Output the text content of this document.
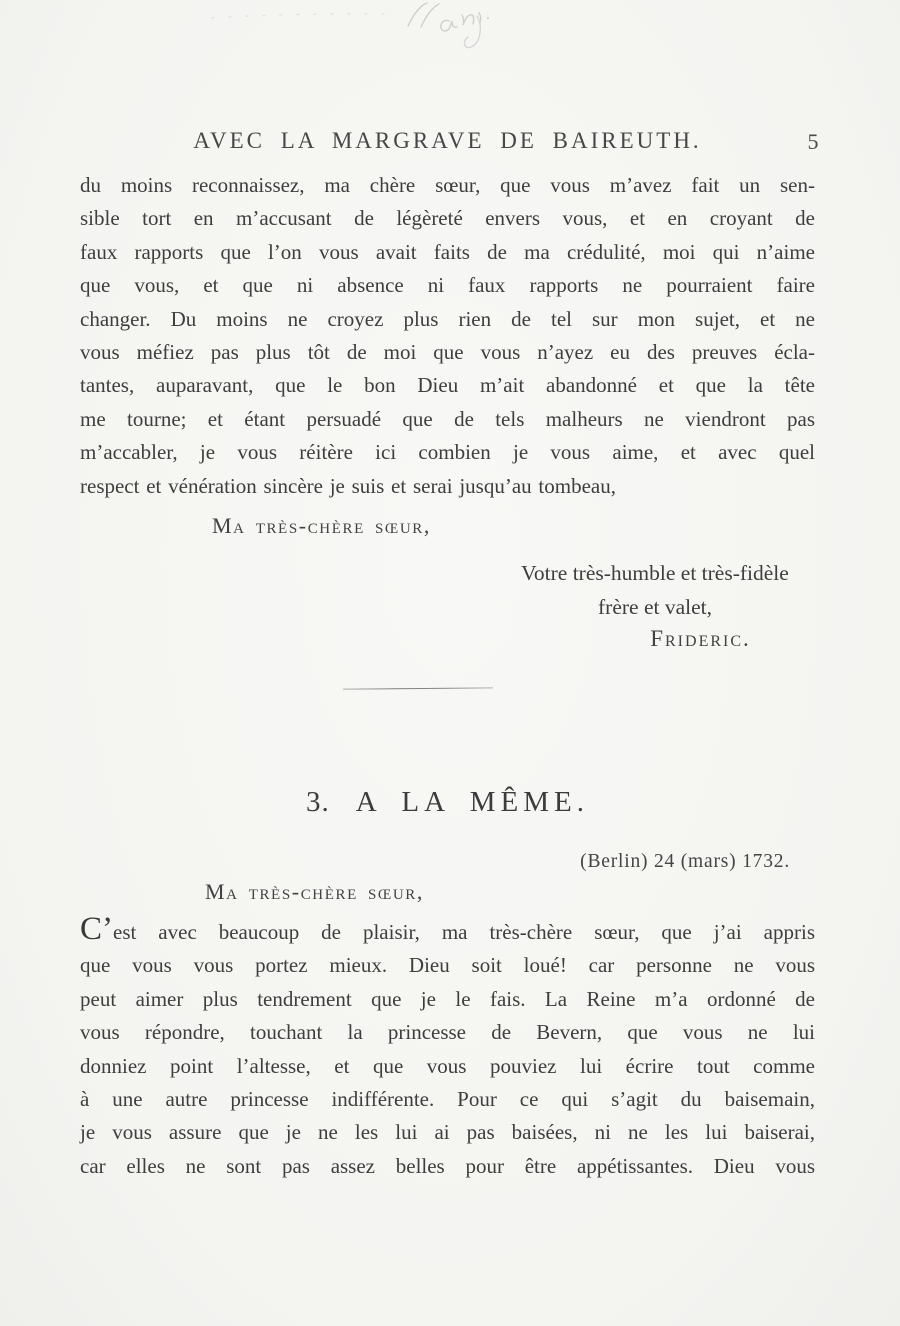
AVEC LA MARGRAVE DE BAIREUTH.	5
du moins reconnaissez, ma chère sœur, que vous m’avez fait un sen-
sible tort en m’accusant de légèreté envers vous, et en croyant de
faux rapports que l’on vous avait faits de ma crédulité, moi qui n’aime
que vous, et que ni absence ni faux rapports ne pourraient faire
changer. Du moins ne croyez plus rien de tel sur mon sujet, et ne
vous méfiez pas plus tôt de moi que vous n’ayez eu des preuves écla-
tantes, auparavant, que le bon Dieu m’ait abandonné et que la tête
me tourne; et étant persuadé que de tels malheurs ne viendront pas
m’accabler, je vous réitère ici combien je vous aime, et avec quel
respect et vénération sincère je suis et serai jusqu’au tombeau,
Ma très-chère sœur,
Votre très-humble et très-fidèle
frère et valet,
Frideric.
3. A LA MÊME.
(Berlin) 24 (mars) 1732.
Ma très-chère sœur,
C’est avec beaucoup de plaisir, ma très-chère sœur, que j’ai appris
que vous vous portez mieux. Dieu soit loué! car personne ne vous
peut aimer plus tendrement que je le fais. La Reine m’a ordonné de
vous répondre, touchant la princesse de Bevern, que vous ne lui
donniez point l’altesse, et que vous pouviez lui écrire tout comme
à une autre princesse indifférente. Pour ce qui s’agit du baisemain,
je vous assure que je ne les lui ai pas baisées, ni ne les lui baiserai,
car elles ne sont pas assez belles pour être appétissantes. Dieu vous
